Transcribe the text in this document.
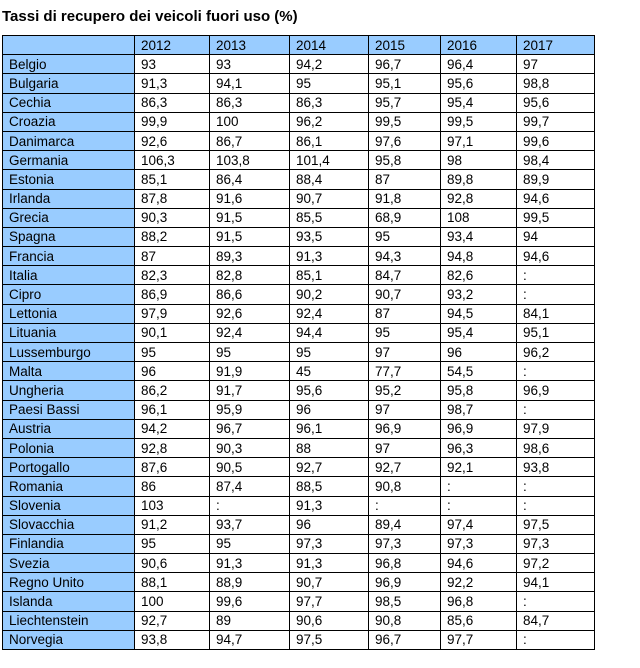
Tassi di recupero dei veicoli fuori uso (%)
	2012	2013	2014	2015	2016	2017
Belgio	93	93	94,2	96,7	96,4	97
Bulgaria	91,3	94,1	95	95,1	95,6	98,8
Cechia	86,3	86,3	86,3	95,7	95,4	95,6
Croazia	99,9	100	96,2	99,5	99,5	99,7
Danimarca	92,6	86,7	86,1	97,6	97,1	99,6
Germania	106,3	103,8	101,4	95,8	98	98,4
Estonia	85,1	86,4	88,4	87	89,8	89,9
Irlanda	87,8	91,6	90,7	91,8	92,8	94,6
Grecia	90,3	91,5	85,5	68,9	108	99,5
Spagna	88,2	91,5	93,5	95	93,4	94
Francia	87	89,3	91,3	94,3	94,8	94,6
Italia	82,3	82,8	85,1	84,7	82,6	:
Cipro	86,9	86,6	90,2	90,7	93,2	:
Lettonia	97,9	92,6	92,4	87	94,5	84,1
Lituania	90,1	92,4	94,4	95	95,4	95,1
Lussemburgo	95	95	95	97	96	96,2
Malta	96	91,9	45	77,7	54,5	:
Ungheria	86,2	91,7	95,6	95,2	95,8	96,9
Paesi Bassi	96,1	95,9	96	97	98,7	:
Austria	94,2	96,7	96,1	96,9	96,9	97,9
Polonia	92,8	90,3	88	97	96,3	98,6
Portogallo	87,6	90,5	92,7	92,7	92,1	93,8
Romania	86	87,4	88,5	90,8	:	:
Slovenia	103	:	91,3	:	:	:
Slovacchia	91,2	93,7	96	89,4	97,4	97,5
Finlandia	95	95	97,3	97,3	97,3	97,3
Svezia	90,6	91,3	91,3	96,8	94,6	97,2
Regno Unito	88,1	88,9	90,7	96,9	92,2	94,1
Islanda	100	99,6	97,7	98,5	96,8	:
Liechtenstein	92,7	89	90,6	90,8	85,6	84,7
Norvegia	93,8	94,7	97,5	96,7	97,7	:
